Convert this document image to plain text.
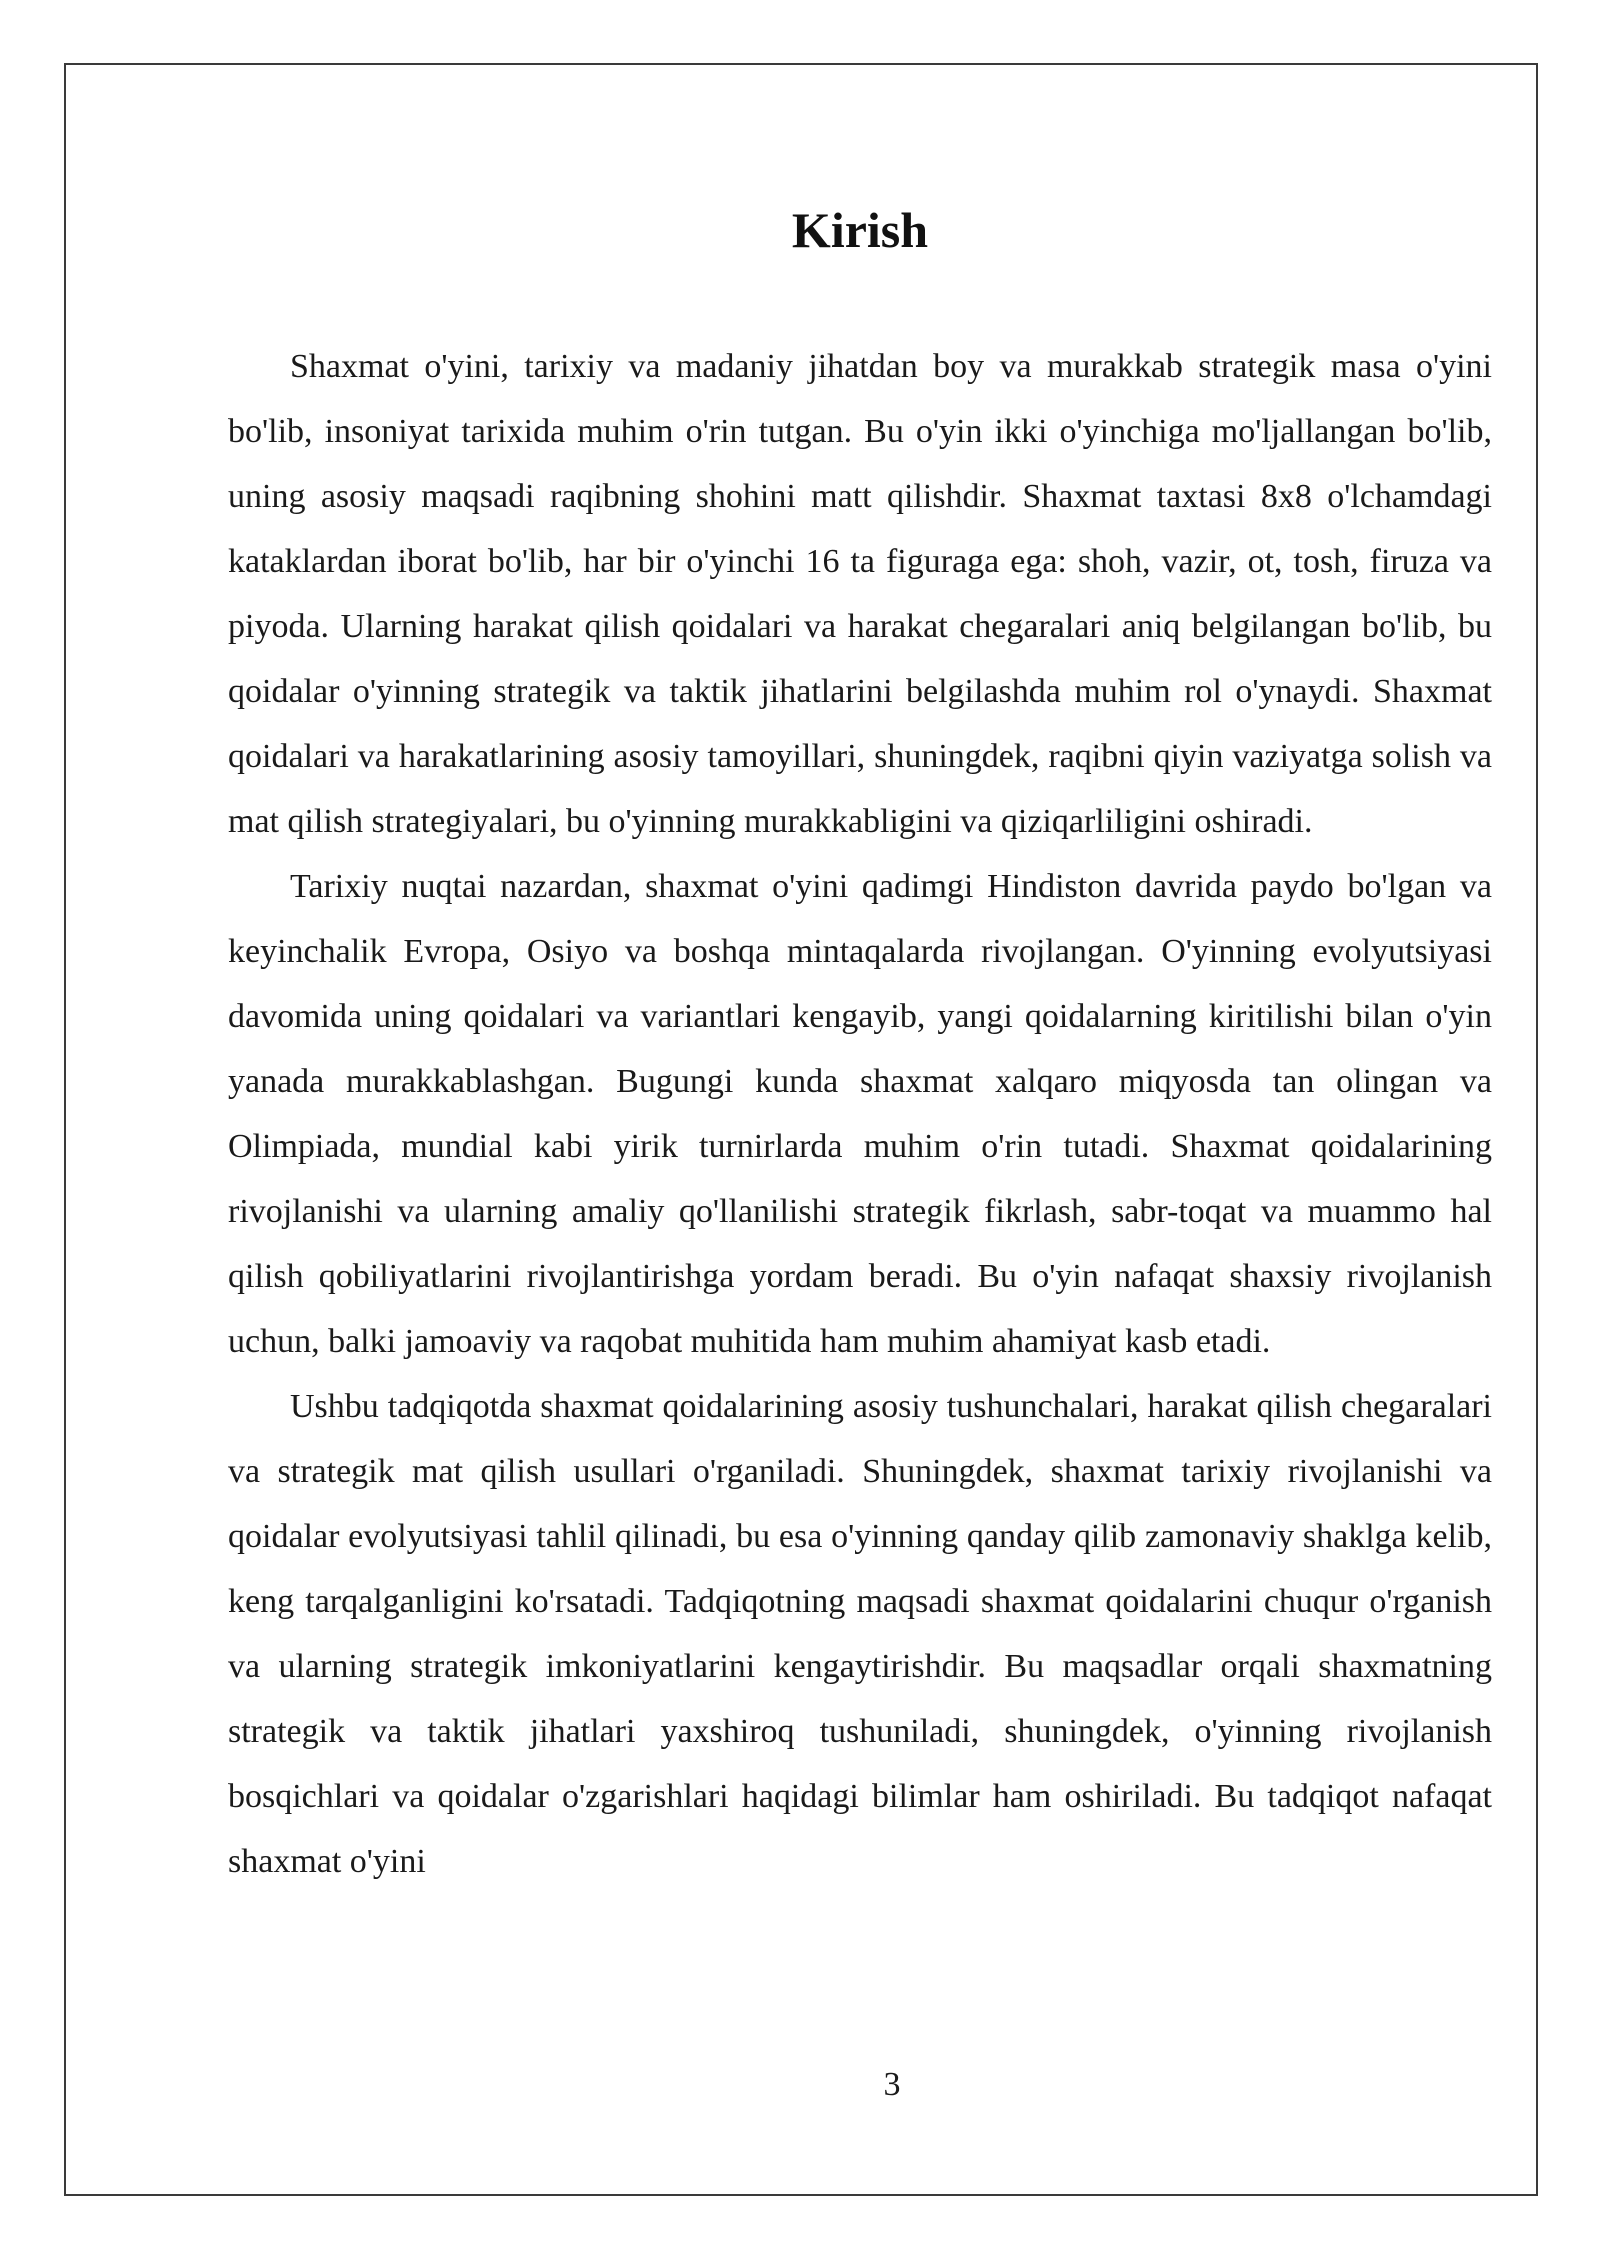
Kirish

Shaxmat o'yini, tarixiy va madaniy jihatdan boy va murakkab strategik masa o'yini bo'lib, insoniyat tarixida muhim o'rin tutgan. Bu o'yin ikki o'yinchiga mo'ljallangan bo'lib, uning asosiy maqsadi raqibning shohini matt qilishdir. Shaxmat taxtasi 8x8 o'lchamdagi kataklardan iborat bo'lib, har bir o'yinchi 16 ta figuraga ega: shoh, vazir, ot, tosh, firuza va piyoda. Ularning harakat qilish qoidalari va harakat chegaralari aniq belgilangan bo'lib, bu qoidalar o'yinning strategik va taktik jihatlarini belgilashda muhim rol o'ynaydi. Shaxmat qoidalari va harakatlarining asosiy tamoyillari, shuningdek, raqibni qiyin vaziyatga solish va mat qilish strategiyalari, bu o'yinning murakkabligini va qiziqarliligini oshiradi.

Tarixiy nuqtai nazardan, shaxmat o'yini qadimgi Hindiston davrida paydo bo'lgan va keyinchalik Evropa, Osiyo va boshqa mintaqalarda rivojlangan. O'yinning evolyutsiyasi davomida uning qoidalari va variantlari kengayib, yangi qoidalarning kiritilishi bilan o'yin yanada murakkablashgan. Bugungi kunda shaxmat xalqaro miqyosda tan olingan va Olimpiada, mundial kabi yirik turnirlarda muhim o'rin tutadi. Shaxmat qoidalarining rivojlanishi va ularning amaliy qo'llanilishi strategik fikrlash, sabr-toqat va muammo hal qilish qobiliyatlarini rivojlantirishga yordam beradi. Bu o'yin nafaqat shaxsiy rivojlanish uchun, balki jamoaviy va raqobat muhitida ham muhim ahamiyat kasb etadi.

Ushbu tadqiqotda shaxmat qoidalarining asosiy tushunchalari, harakat qilish chegaralari va strategik mat qilish usullari o'rganiladi. Shuningdek, shaxmat tarixiy rivojlanishi va qoidalar evolyutsiyasi tahlil qilinadi, bu esa o'yinning qanday qilib zamonaviy shaklga kelib, keng tarqalganligini ko'rsatadi. Tadqiqotning maqsadi shaxmat qoidalarini chuqur o'rganish va ularning strategik imkoniyatlarini kengaytirishdir. Bu maqsadlar orqali shaxmatning strategik va taktik jihatlari yaxshiroq tushuniladi, shuningdek, o'yinning rivojlanish bosqichlari va qoidalar o'zgarishlari haqidagi bilimlar ham oshiriladi. Bu tadqiqot nafaqat shaxmat o'yini

3
